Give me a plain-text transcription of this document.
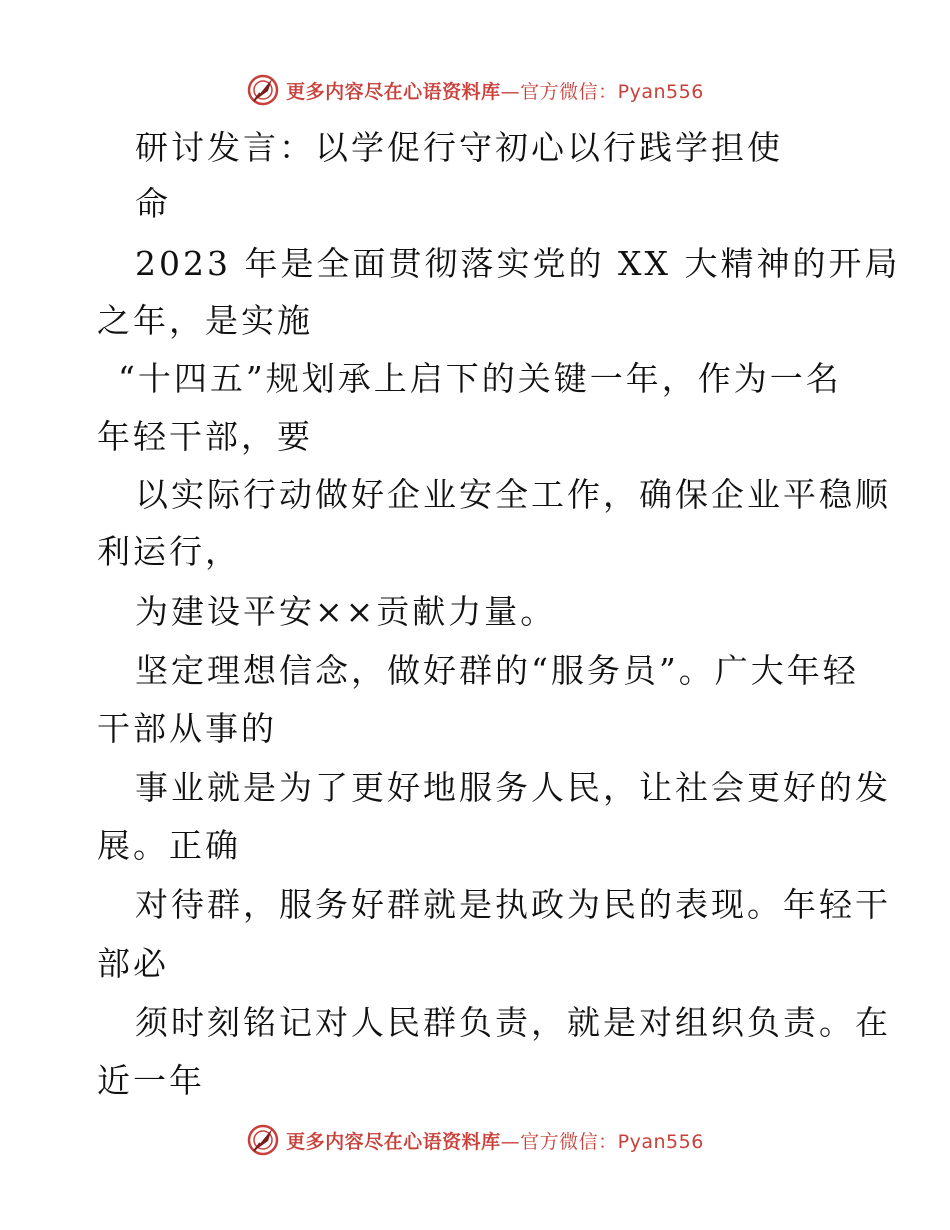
更多内容尽在心语资料库—官方微信：Pyan556
研讨发言：以学促行守初心以行践学担使
命
2023 年是全面贯彻落实党的 XX 大精神的开局
之年，是实施
“十四五”规划承上启下的关键一年，作为一名
年轻干部，要
以实际行动做好企业安全工作，确保企业平稳顺
利运行，
为建设平安××贡献力量。
坚定理想信念，做好群的“服务员”。广大年轻
干部从事的
事业就是为了更好地服务人民，让社会更好的发
展。正确
对待群，服务好群就是执政为民的表现。年轻干
部必
须时刻铭记对人民群负责，就是对组织负责。在
近一年
更多内容尽在心语资料库—官方微信：Pyan556
